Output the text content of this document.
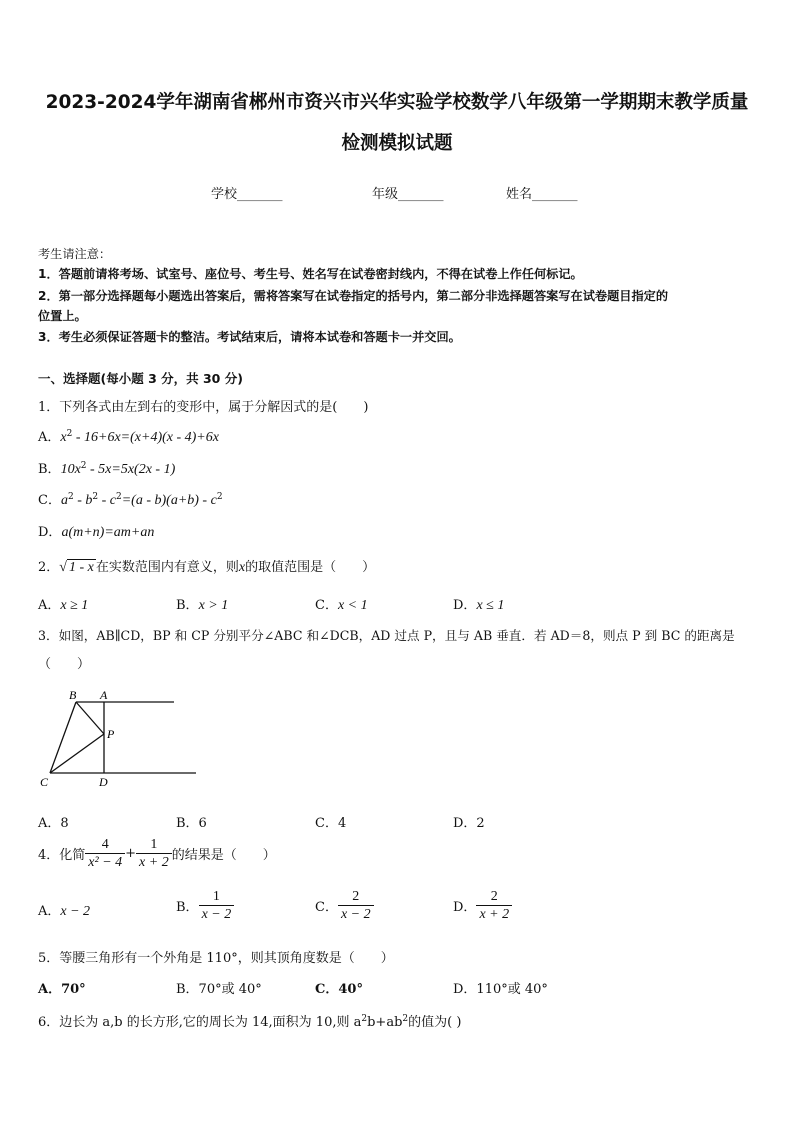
2023-2024学年湖南省郴州市资兴市兴华实验学校数学八年级第一学期期末教学质量
检测模拟试题
学校_______	年级_______	姓名_______
考生请注意：
1．答题前请将考场、试室号、座位号、考生号、姓名写在试卷密封线内，不得在试卷上作任何标记。
2．第一部分选择题每小题选出答案后，需将答案写在试卷指定的括号内，第二部分非选择题答案写在试卷题目指定的
位置上。
3．考生必须保证答题卡的整洁。考试结束后，请将本试卷和答题卡一并交回。
一、选择题(每小题 3 分，共 30 分)
1．下列各式由左到右的变形中，属于分解因式的是(　　)
A．$x^2 - 16+6x=(x+4)(x - 4)+6x$
B．$10x^2 - 5x=5x(2x - 1)$
C．$a^2 - b^2 - c^2=(a - b)(a+b) - c^2$
D．a(m+n)=am+an
2．√ 1 - x 在实数范围内有意义，则x的取值范围是（　　）
A．x ≥ 1	B．x > 1	C．x < 1	D．x ≤ 1
3．如图，AB∥CD，BP 和 CP 分别平分∠ABC 和∠DCB，AD 过点 P，且与 AB 垂直．若 AD＝8，则点 P 到 BC 的距离是
（　　）
B A
P
C	D
A．8	B．6	C．4	D．2
4．化简 $\frac{4}{\text{x² − 4}} + \frac{1}{x + 2}$ 的结果是（　　）
A．x − 2	B． $\frac{1}{x - 2}$	C． $\frac{2}{x - 2}$	D． $\frac{2}{x + 2}$
5．等腰三角形有一个外角是 110°，则其顶角度数是（　　）
A．70°	B．70°或 40°	C．40°	D．110°或 40°
6．边长为 a,b 的长方形,它的周长为 14,面积为 10,则 $a^2b+ab^2$的值为( )
